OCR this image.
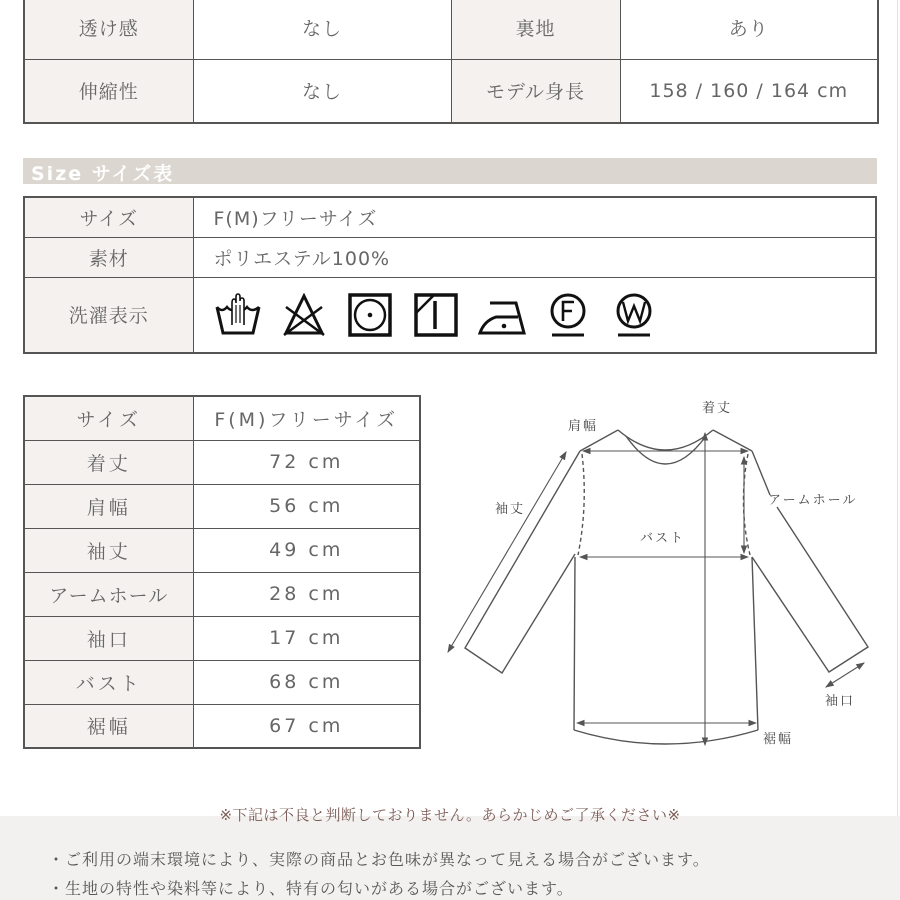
透け感	なし	裏地	あり
伸縮性	なし	モデル身長	158 / 160 / 164 cm
Size サイズ表
サイズ	F(M)フリーサイズ
素材	ポリエステル100%
洗濯表示	
サイズ	F(M)フリーサイズ
着丈	72 cm
肩幅	56 cm
袖丈	49 cm
アームホール	28 cm
袖口	17 cm
バスト	68 cm
裾幅	67 cm
着丈
肩幅
袖丈
アームホール
バスト
袖口
裾幅
※下記は不良と判断しておりません。あらかじめご了承ください※
・ご利用の端末環境により、実際の商品とお色味が異なって見える場合がございます。
・生地の特性や染料等により、特有の匂いがある場合がございます。
